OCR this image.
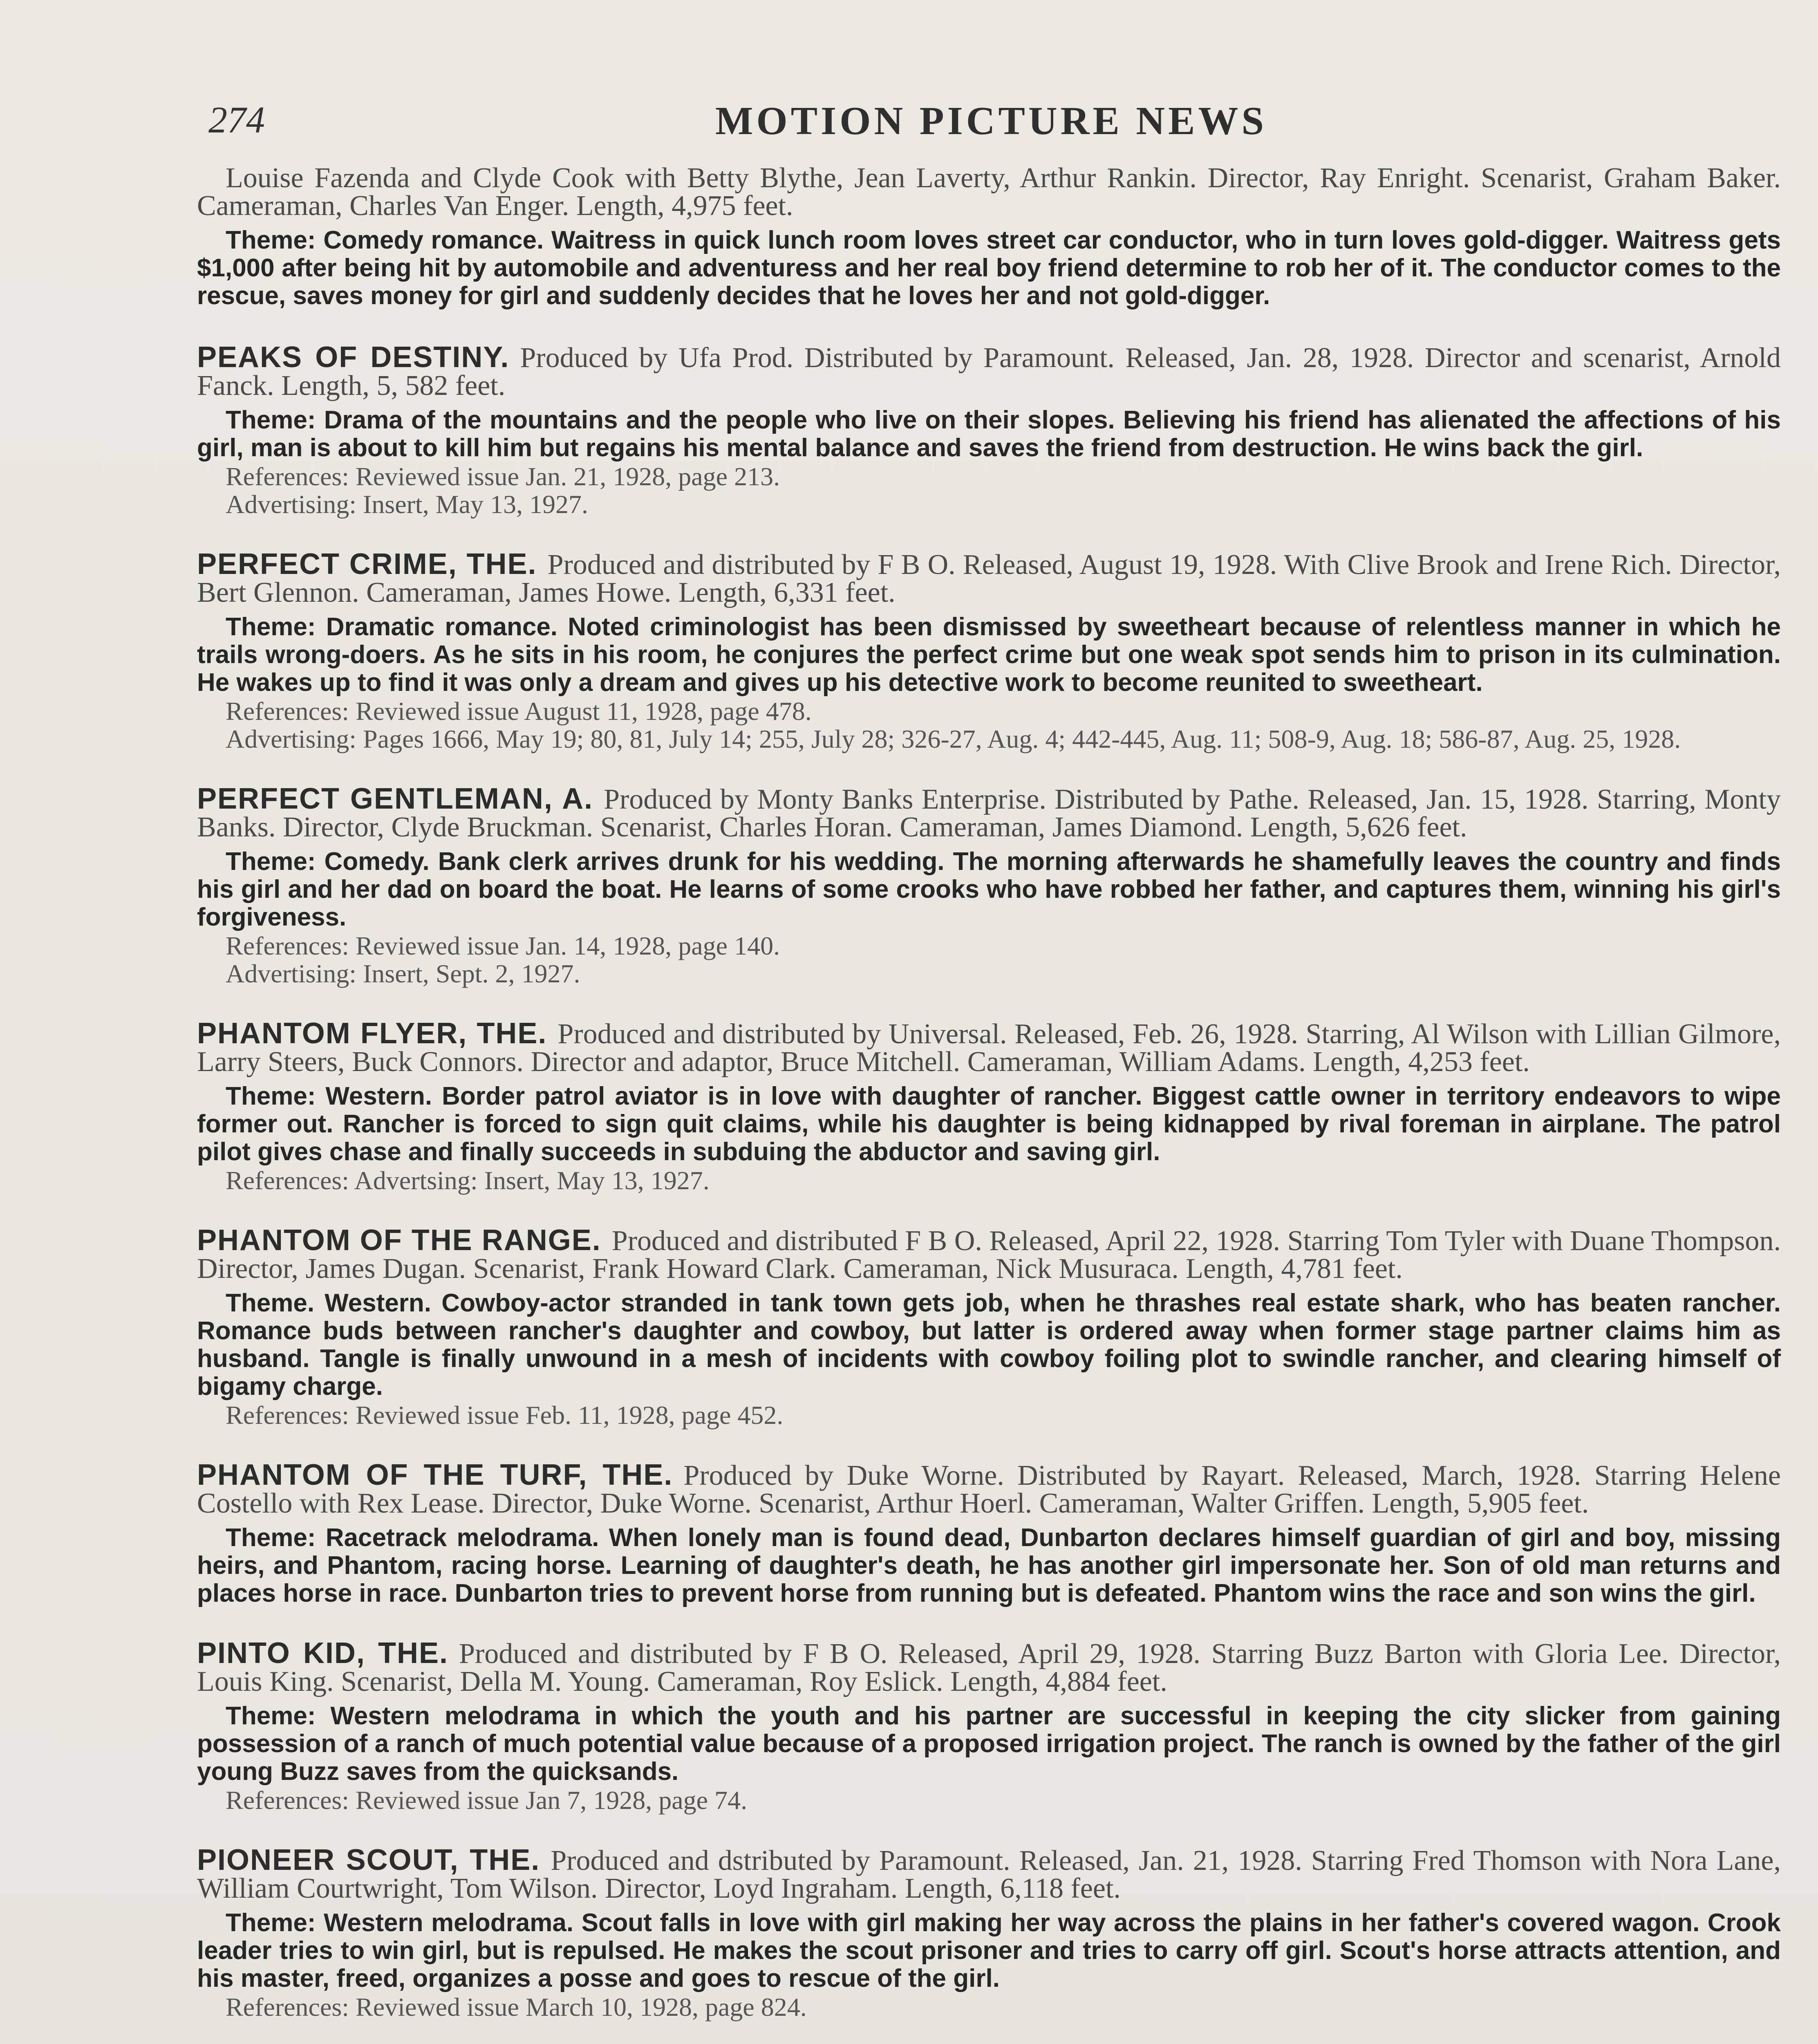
274	MOTION PICTURE NEWS
Louise Fazenda and Clyde Cook with Betty Blythe, Jean Laverty, Arthur Rankin. Director, Ray Enright. Scenarist, Graham Baker. Cameraman, Charles Van Enger. Length, 4,975 feet.
Theme: Comedy romance. Waitress in quick lunch room loves street car conductor, who in turn loves gold-digger. Waitress gets $1,000 after being hit by automobile and adventuress and her real boy friend determine to rob her of it. The conductor comes to the rescue, saves money for girl and suddenly decides that he loves her and not gold-digger.
PEAKS OF DESTINY. Produced by Ufa Prod. Distributed by Paramount. Released, Jan. 28, 1928. Director and scenarist, Arnold Fanck. Length, 5, 582 feet.
Theme: Drama of the mountains and the people who live on their slopes. Believing his friend has alienated the affections of his girl, man is about to kill him but regains his mental balance and saves the friend from destruction. He wins back the girl.
References: Reviewed issue Jan. 21, 1928, page 213.
Advertising: Insert, May 13, 1927.
PERFECT CRIME, THE. Produced and distributed by F B O. Released, August 19, 1928. With Clive Brook and Irene Rich. Director, Bert Glennon. Cameraman, James Howe. Length, 6,331 feet.
Theme: Dramatic romance. Noted criminologist has been dismissed by sweetheart because of relentless manner in which he trails wrong-doers. As he sits in his room, he conjures the perfect crime but one weak spot sends him to prison in its culmination. He wakes up to find it was only a dream and gives up his detective work to become reunited to sweetheart.
References: Reviewed issue August 11, 1928, page 478.
Advertising: Pages 1666, May 19; 80, 81, July 14; 255, July 28; 326-27, Aug. 4; 442-445, Aug. 11; 508-9, Aug. 18; 586-87, Aug. 25, 1928.
PERFECT GENTLEMAN, A. Produced by Monty Banks Enterprise. Distributed by Pathe. Released, Jan. 15, 1928. Starring, Monty Banks. Director, Clyde Bruckman. Scenarist, Charles Horan. Cameraman, James Diamond. Length, 5,626 feet.
Theme: Comedy. Bank clerk arrives drunk for his wedding. The morning afterwards he shamefully leaves the country and finds his girl and her dad on board the boat. He learns of some crooks who have robbed her father, and captures them, winning his girl's forgiveness.
References: Reviewed issue Jan. 14, 1928, page 140.
Advertising: Insert, Sept. 2, 1927.
PHANTOM FLYER, THE. Produced and distributed by Universal. Released, Feb. 26, 1928. Starring, Al Wilson with Lillian Gilmore, Larry Steers, Buck Connors. Director and adaptor, Bruce Mitchell. Cameraman, William Adams. Length, 4,253 feet.
Theme: Western. Border patrol aviator is in love with daughter of rancher. Biggest cattle owner in territory endeavors to wipe former out. Rancher is forced to sign quit claims, while his daughter is being kidnapped by rival foreman in airplane. The patrol pilot gives chase and finally succeeds in subduing the abductor and saving girl.
References: Advertsing: Insert, May 13, 1927.
PHANTOM OF THE RANGE. Produced and distributed F B O. Released, April 22, 1928. Starring Tom Tyler with Duane Thompson. Director, James Dugan. Scenarist, Frank Howard Clark. Cameraman, Nick Musuraca. Length, 4,781 feet.
Theme. Western. Cowboy-actor stranded in tank town gets job, when he thrashes real estate shark, who has beaten rancher. Romance buds between rancher's daughter and cowboy, but latter is ordered away when former stage partner claims him as husband. Tangle is finally unwound in a mesh of incidents with cowboy foiling plot to swindle rancher, and clearing himself of bigamy charge.
References: Reviewed issue Feb. 11, 1928, page 452.
PHANTOM OF THE TURF, THE. Produced by Duke Worne. Distributed by Rayart. Released, March, 1928. Starring Helene Costello with Rex Lease. Director, Duke Worne. Scenarist, Arthur Hoerl. Cameraman, Walter Griffen. Length, 5,905 feet.
Theme: Racetrack melodrama. When lonely man is found dead, Dunbarton declares himself guardian of girl and boy, missing heirs, and Phantom, racing horse. Learning of daughter's death, he has another girl impersonate her. Son of old man returns and places horse in race. Dunbarton tries to prevent horse from running but is defeated. Phantom wins the race and son wins the girl.
PINTO KID, THE. Produced and distributed by F B O. Released, April 29, 1928. Starring Buzz Barton with Gloria Lee. Director, Louis King. Scenarist, Della M. Young. Cameraman, Roy Eslick. Length, 4,884 feet.
Theme: Western melodrama in which the youth and his partner are successful in keeping the city slicker from gaining possession of a ranch of much potential value because of a proposed irrigation project. The ranch is owned by the father of the girl young Buzz saves from the quicksands.
References: Reviewed issue Jan 7, 1928, page 74.
PIONEER SCOUT, THE. Produced and dstributed by Paramount. Released, Jan. 21, 1928. Starring Fred Thomson with Nora Lane, William Courtwright, Tom Wilson. Director, Loyd Ingraham. Length, 6,118 feet.
Theme: Western melodrama. Scout falls in love with girl making her way across the plains in her father's covered wagon. Crook leader tries to win girl, but is repulsed. He makes the scout prisoner and tries to carry off girl. Scout's horse attracts attention, and his master, freed, organizes a posse and goes to rescue of the girl.
References: Reviewed issue March 10, 1928, page 824.
